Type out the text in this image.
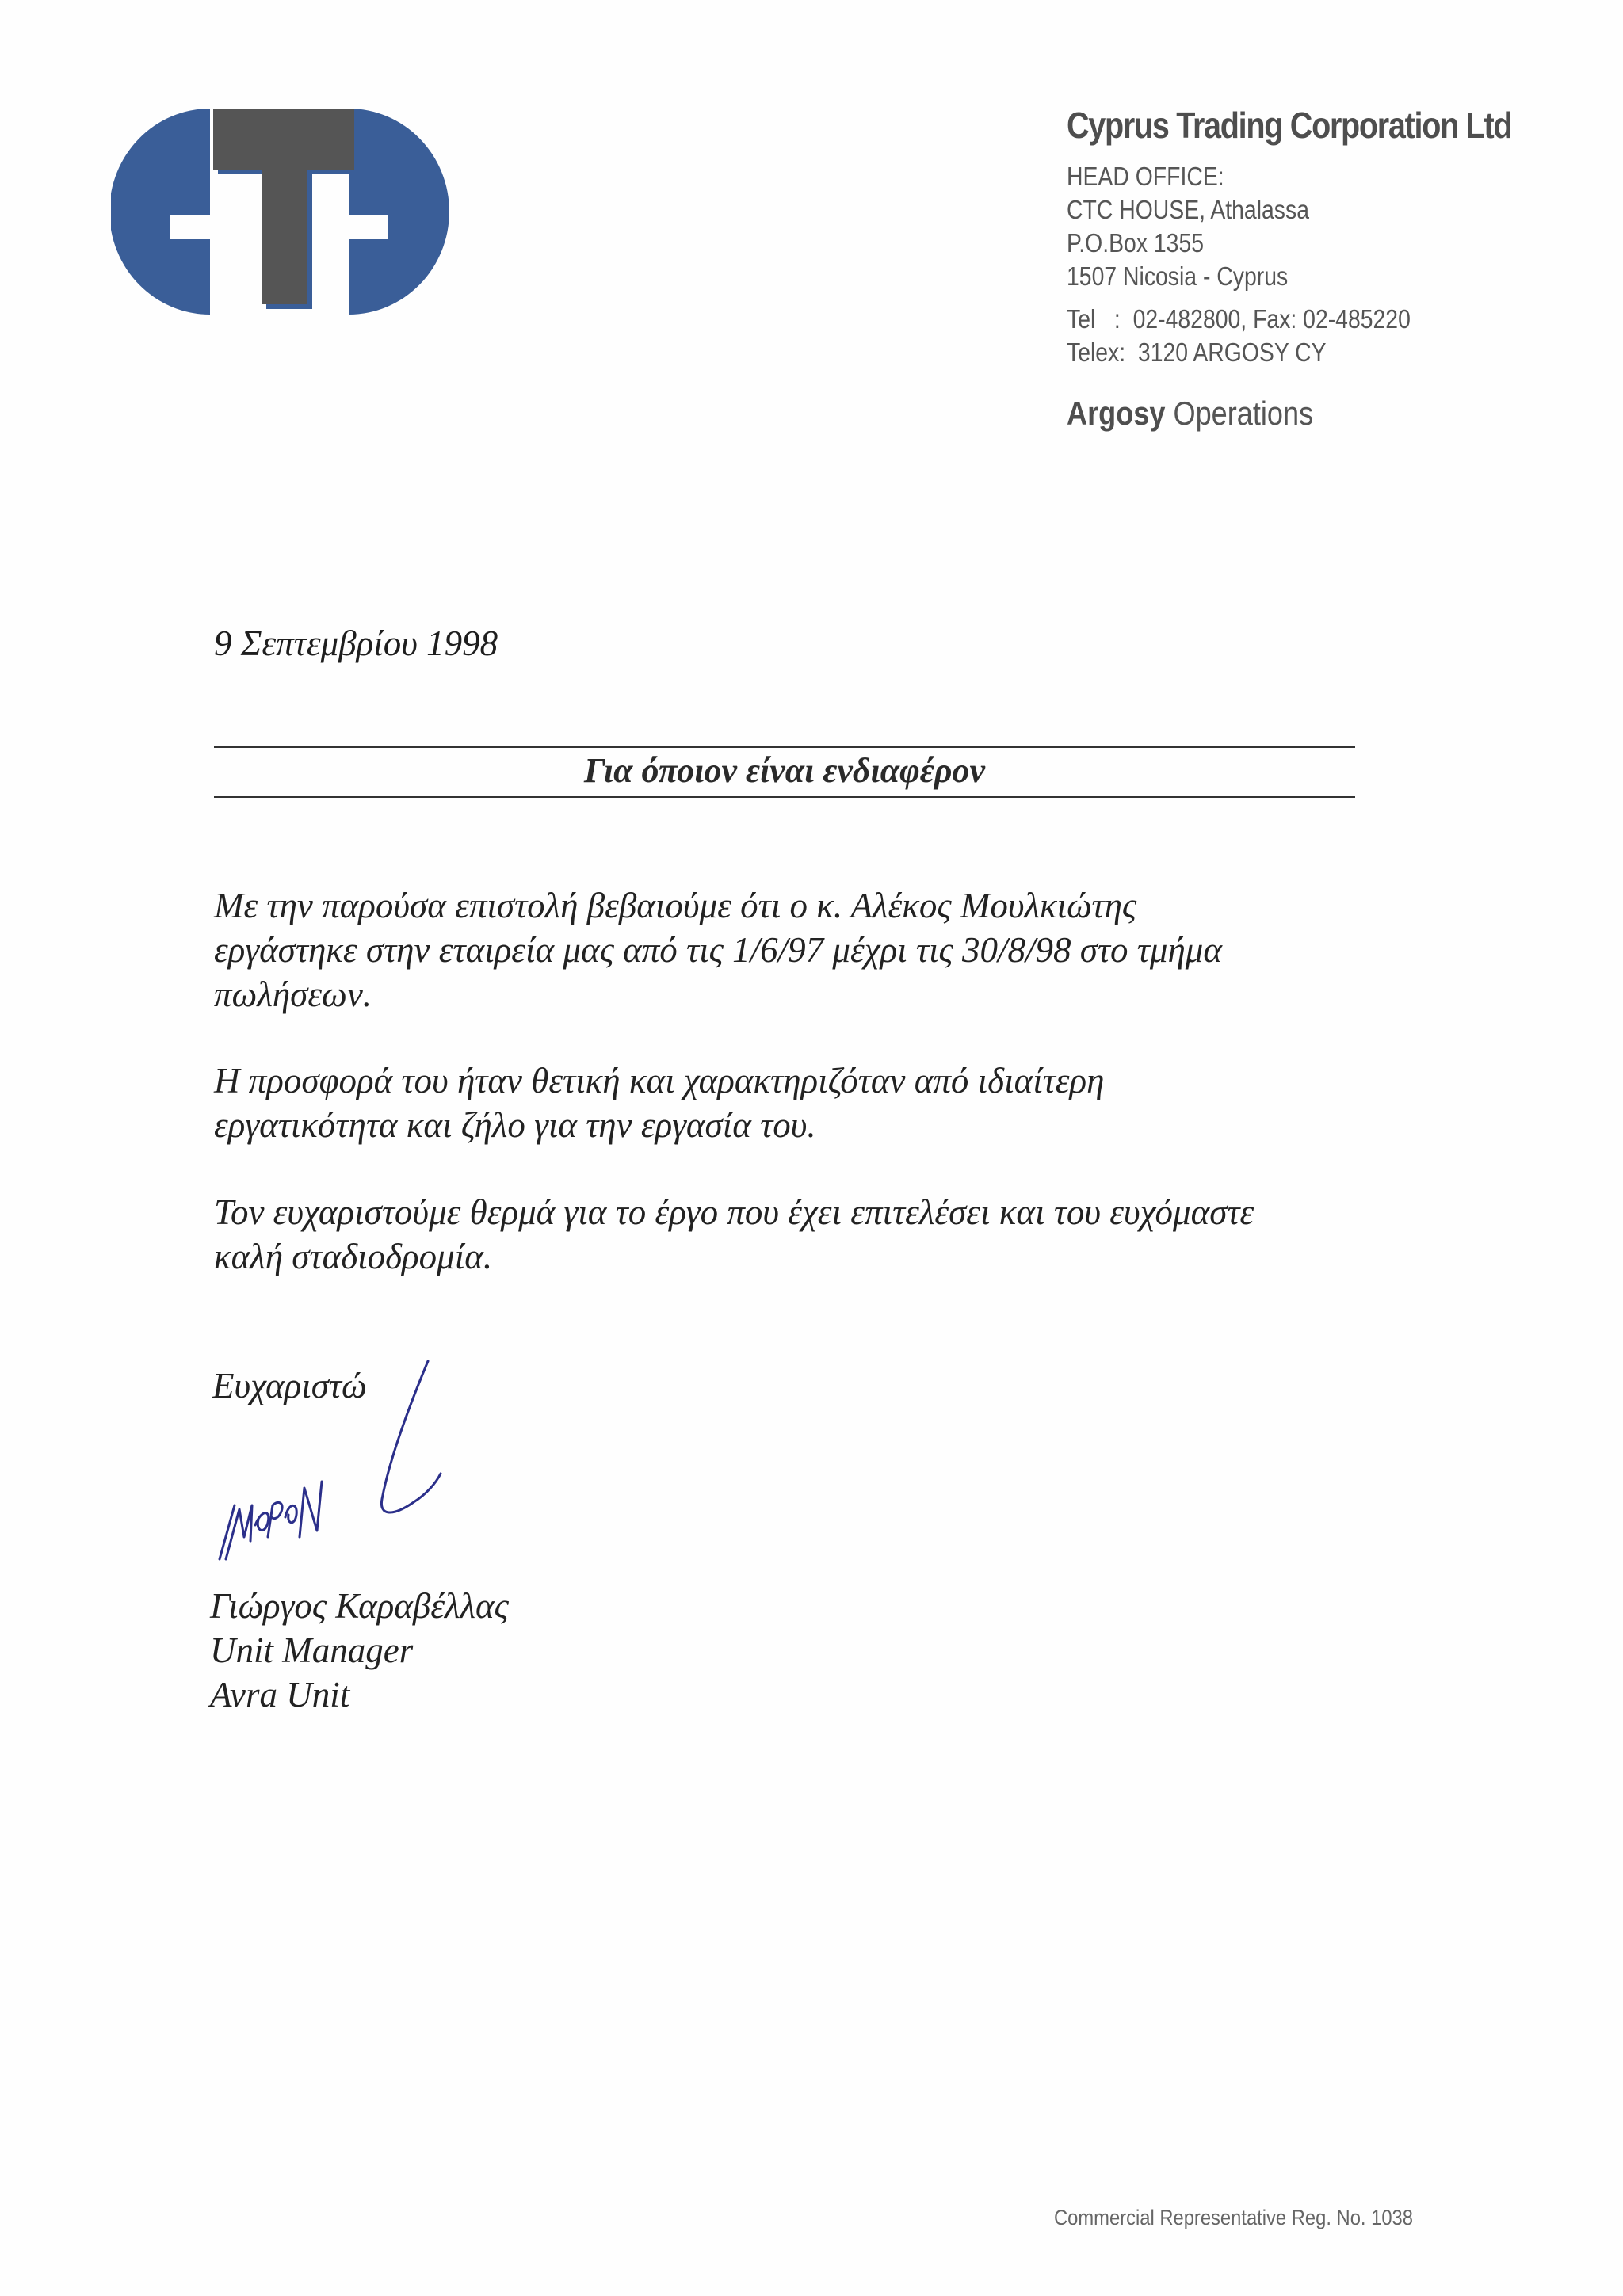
Cyprus Trading Corporation Ltd
HEAD OFFICE:
CTC HOUSE, Athalassa
P.O.Box 1355
1507 Nicosia - Cyprus
Tel   :  02-482800, Fax: 02-485220
Telex:  3120 ARGOSY CY
Argosy Operations
9 Σεπτεμβρίου 1998
Για όποιον είναι ενδιαφέρον
Με την παρούσα επιστολή βεβαιούμε ότι ο κ. Αλέκος Μουλκιώτης
εργάστηκε στην εταιρεία μας από τις 1/6/97 μέχρι τις 30/8/98 στο τμήμα
πωλήσεων.
Η προσφορά του ήταν θετική και χαρακτηριζόταν από ιδιαίτερη
εργατικότητα και ζήλο για την εργασία του.
Τον ευχαριστούμε θερμά για το έργο που έχει επιτελέσει και του ευχόμαστε
καλή σταδιοδρομία.
Ευχαριστώ
Γιώργος Καραβέλλας
Unit Manager
Avra Unit
Commercial Representative Reg. No. 1038
